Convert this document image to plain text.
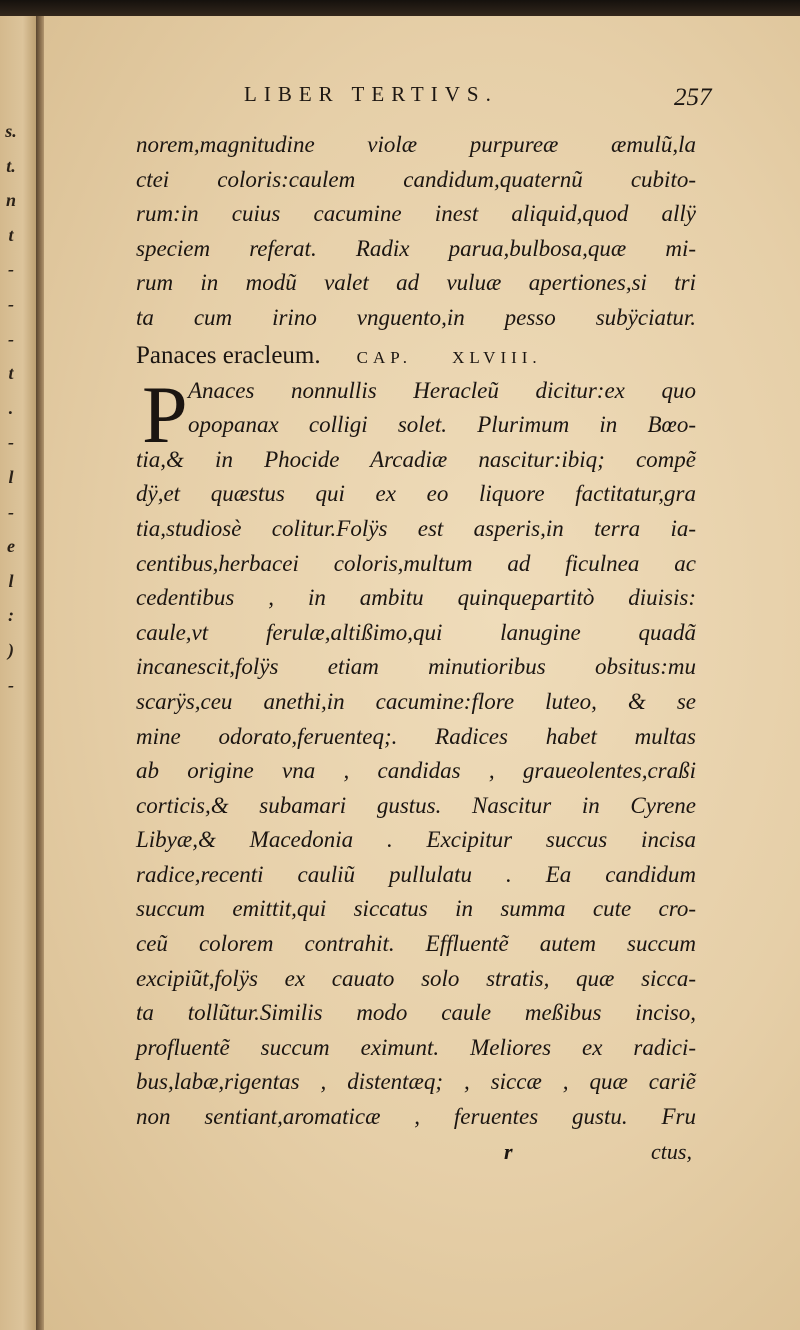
s.
t.
n
t
-
-
-
t
.
-
l
-
e
l
:
)
-
LIBER TERTIVS.	257
norem,magnitudine violæ purpureæ æmulũ,la
ctei coloris:caulem candidum,quaternũ cubito-
rum:in cuius cacumine inest aliquid,quod allÿ
speciem referat. Radix parua,bulbosa,quæ mi-
rum in modũ valet ad vuluæ apertiones,si tri
ta cum irino vnguento,in pesso subÿciatur.
Panaces eracleum. CAP. XLVIII.
P Anaces nonnullis Heracleũ dicitur:ex quo
opopanax colligi solet. Plurimum in Bœo-
tia,& in Phocide Arcadiæ nascitur:ibiq; compẽ
dÿ,et quæstus qui ex eo liquore factitatur,gra
tia,studiosè colitur.Folÿs est asperis,in terra ia-
centibus,herbacei coloris,multum ad ficulnea ac
cedentibus , in ambitu quinquepartitò diuisis:
caule,vt ferulæ,altißimo,qui lanugine quadã
incanescit,folÿs etiam minutioribus obsitus:mu
scarÿs,ceu anethi,in cacumine:flore luteo, & se
mine odorato,feruenteq;. Radices habet multas
ab origine vna , candidas , graueolentes,craßi
corticis,& subamari gustus. Nascitur in Cyrene
Libyæ,& Macedonia . Excipitur succus incisa
radice,recenti cauliũ pullulatu . Ea candidum
succum emittit,qui siccatus in summa cute cro-
ceũ colorem contrahit. Effluentẽ autem succum
excipiũt,folÿs ex cauato solo stratis, quæ sicca-
ta tollũtur.Similis modo caule meßibus inciso,
profluentẽ succum eximunt. Meliores ex radici-
bus,labæ,rigentas , distentæq; , siccæ , quæ cariẽ
non sentiant,aromaticæ , feruentes gustu. Fru
r	ctus,
